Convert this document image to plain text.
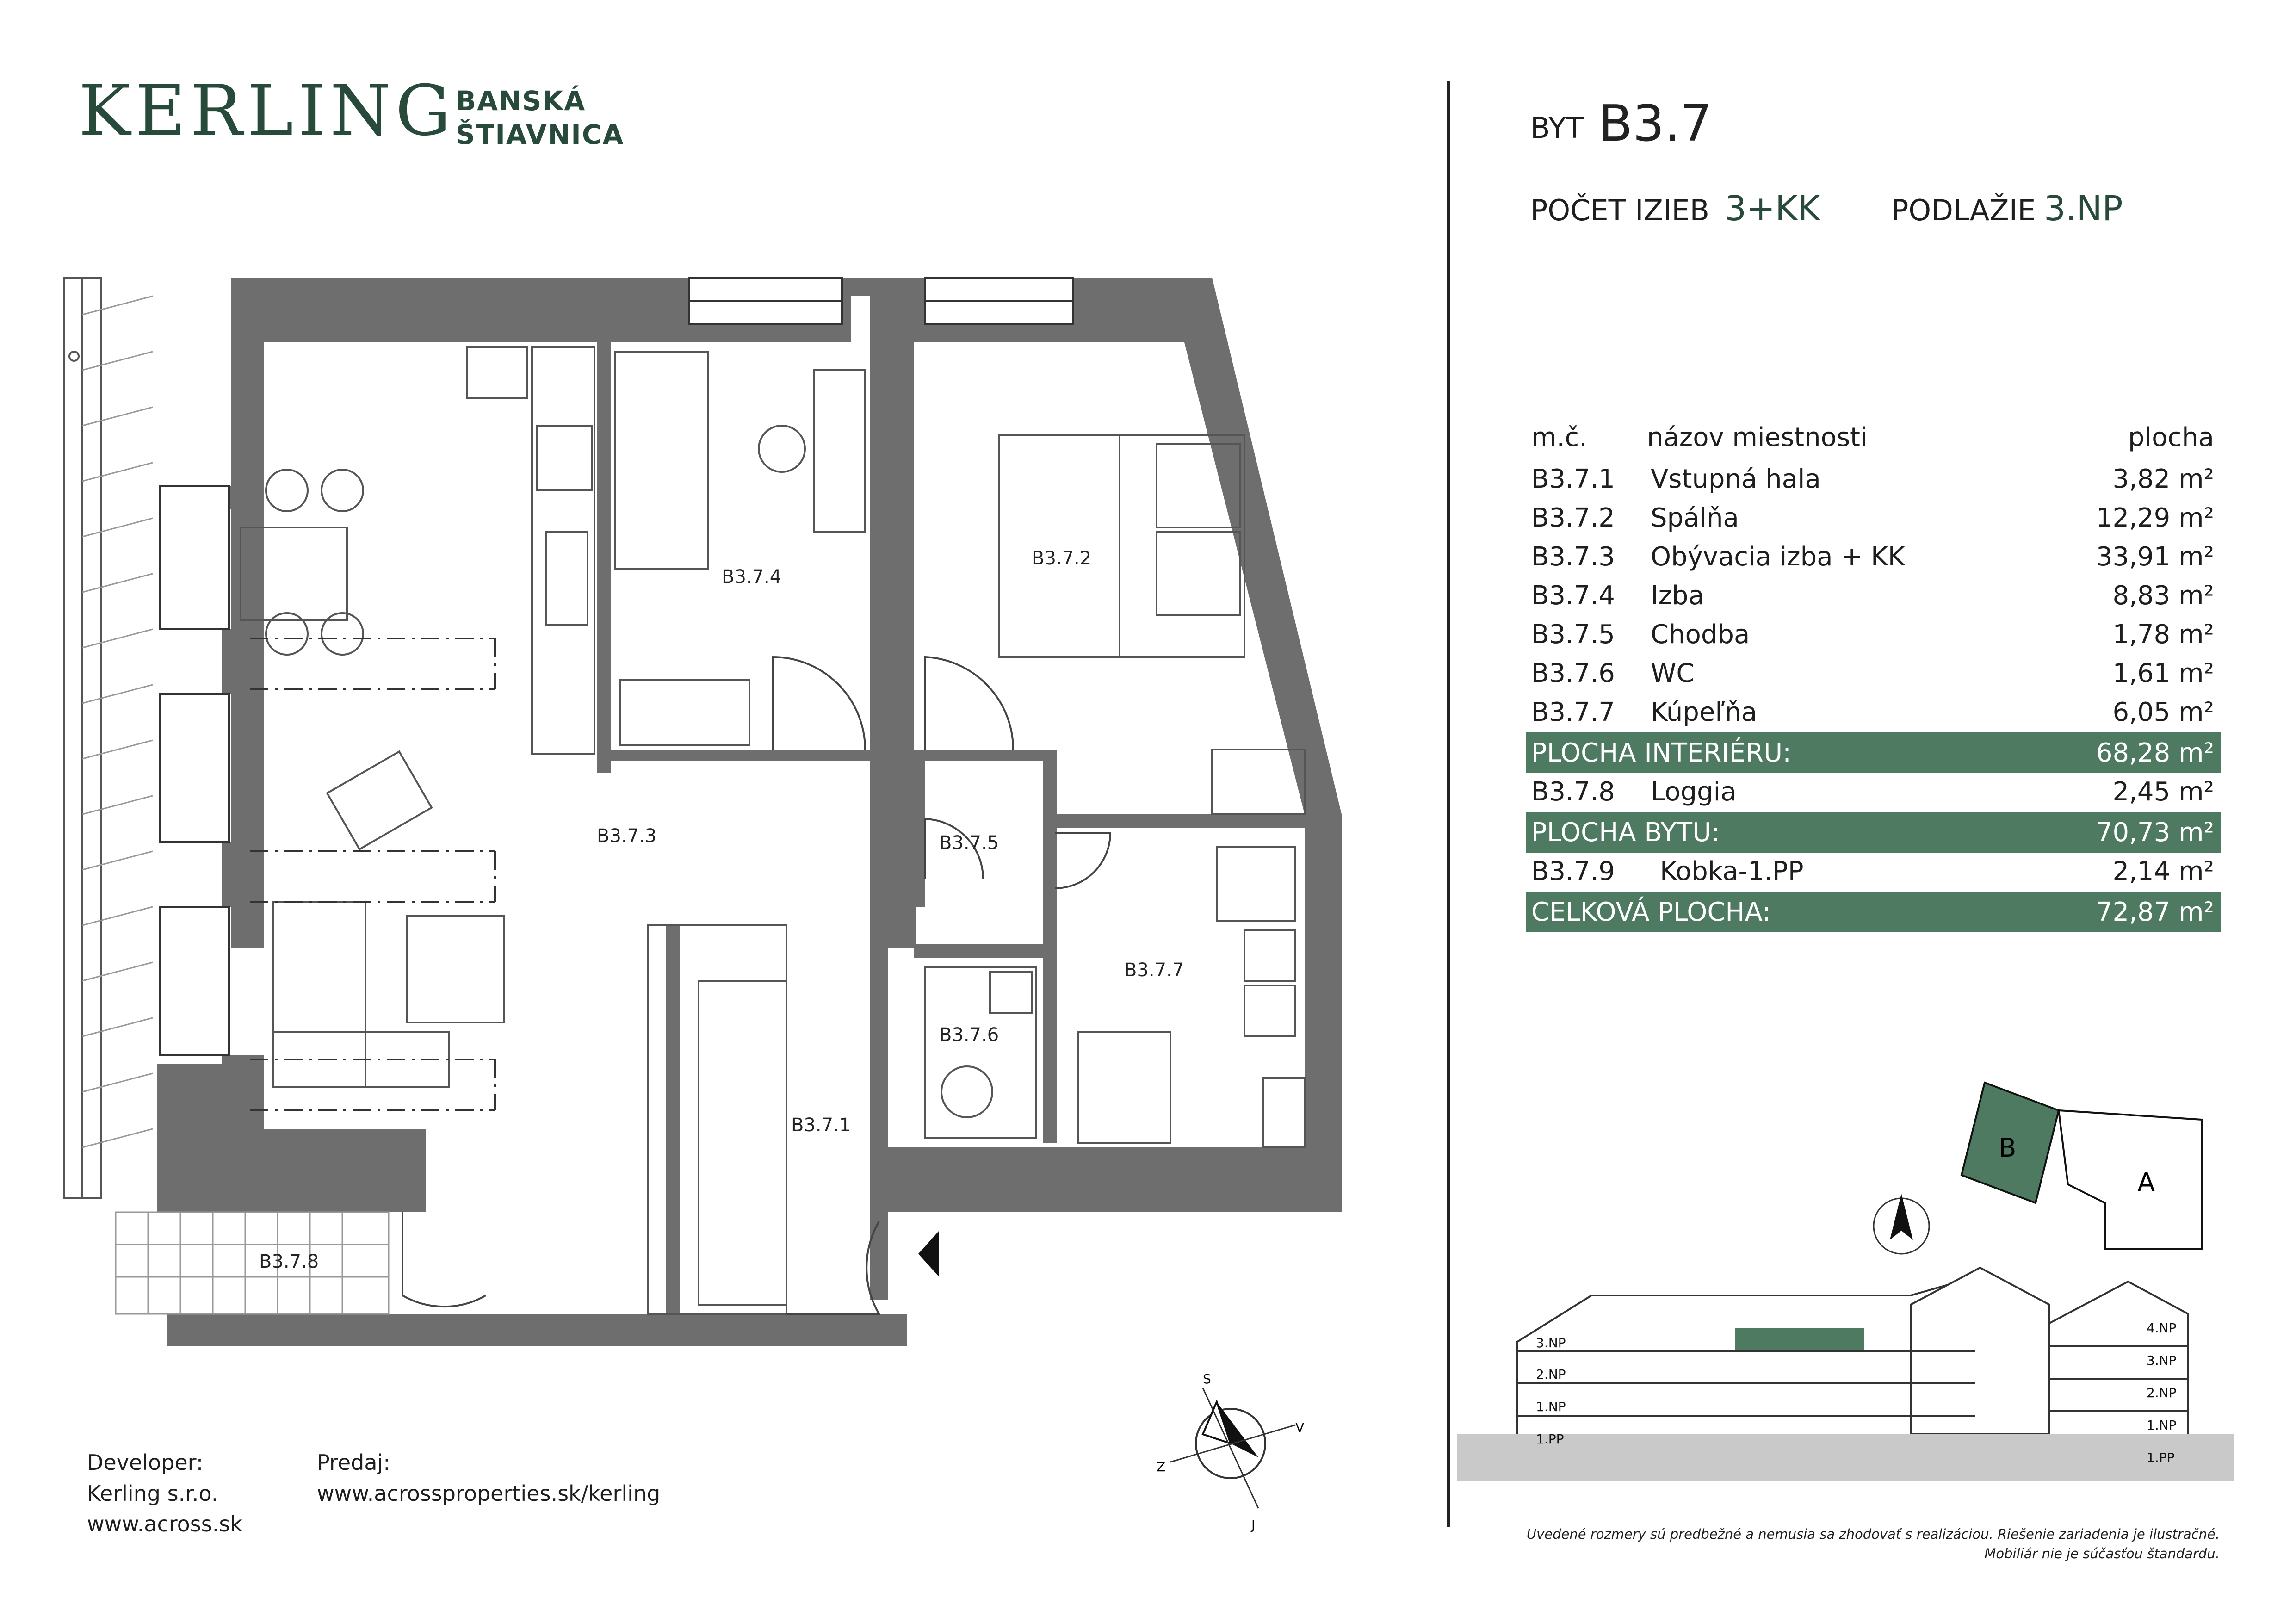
KERLING BANSKÁ
ŠTIAVNICA	BYT B3.7
POČET IZIEB 3+KK PODLAŽIE 3.NP
m.č. názov miestnosti	plocha
B3.7.1 Vstupná hala	3,82 m²
B3.7.2 Spálňa	12,29 m²
B3.7.3 Obývacia izba + KK	33,91 m²
B3.7.4 Izba	8,83 m²
B3.7.5 Chodba	1,78 m²
B3.7.6 WC	1,61 m²
B3.7.7 Kúpeľňa	6,05 m²
PLOCHA INTERIÉRU:	68,28 m²
B3.7.8 Loggia	2,45 m²
PLOCHA BYTU:	70,73 m²
B3.7.9 Kobka-1.PP	2,14 m²
CELKOVÁ PLOCHA:	72,87 m²
B3.7.4
B3.7.2
B3.7.3	B3.7.5
B3.7.7
B3.7.6
B3.7.1
B3.7.8
S
V
Z
J
B
A
3.NP
2.NP
1.NP
1.PP
4.NP
3.NP
2.NP
1.NP
1.PP
Developer:
Kerling s.r.o.
www.across.sk
Predaj:
www.acrossproperties.sk/kerling
Uvedené rozmery sú predbežné a nemusia sa zhodovať s realizáciou. Riešenie zariadenia je ilustračné.
Mobiliár nie je súčasťou štandardu.
